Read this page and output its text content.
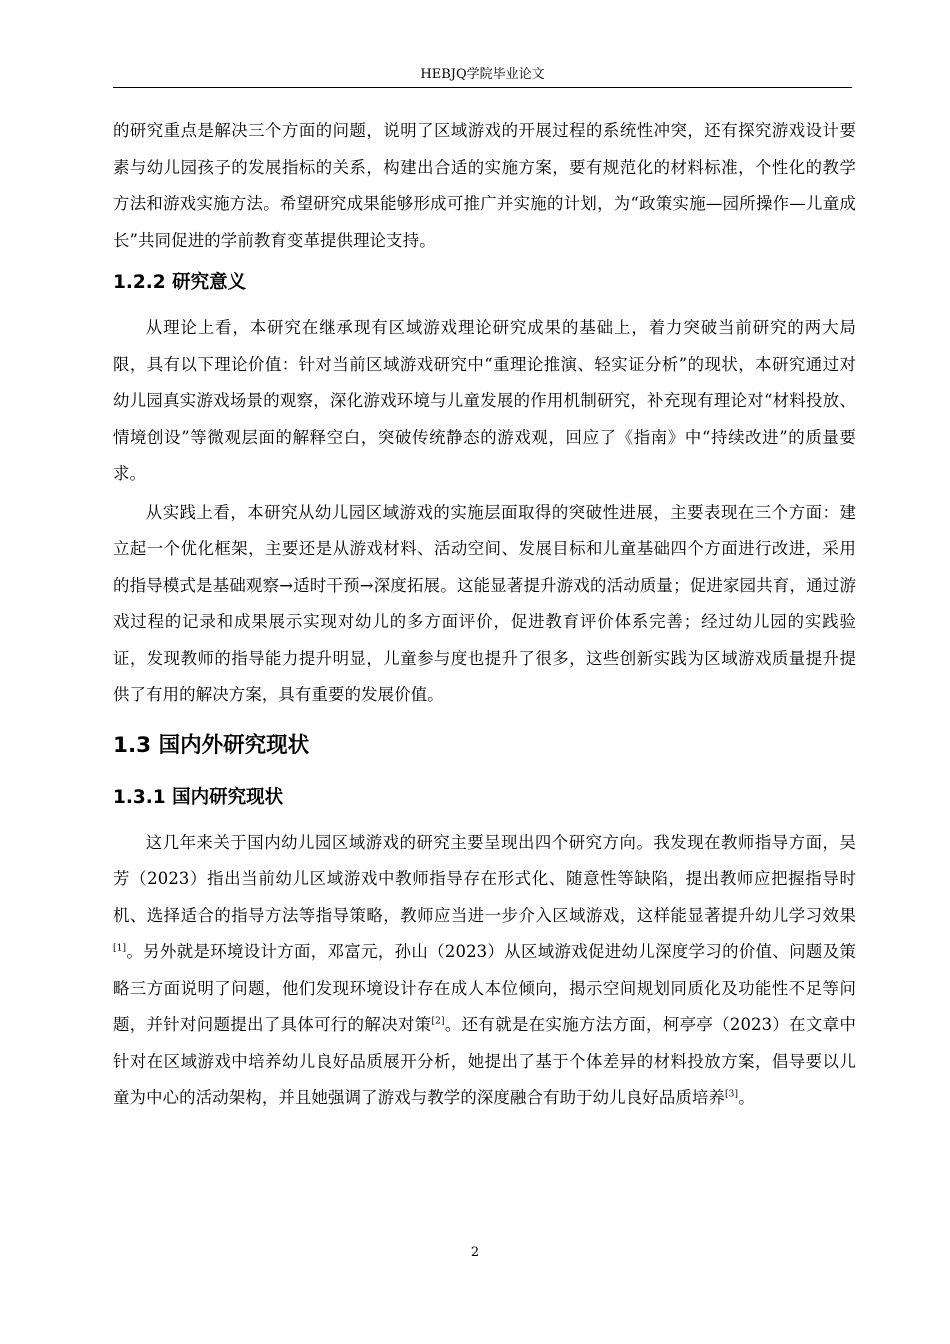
HEBJQ学院毕业论文

的研究重点是解决三个方面的问题，说明了区域游戏的开展过程的系统性冲突，还有探究游戏设计要素与幼儿园孩子的发展指标的关系，构建出合适的实施方案，要有规范化的材料标准，个性化的教学方法和游戏实施方法。希望研究成果能够形成可推广并实施的计划，为“政策实施—园所操作—儿童成长”共同促进的学前教育变革提供理论支持。

1.2.2 研究意义

从理论上看，本研究在继承现有区域游戏理论研究成果的基础上，着力突破当前研究的两大局限，具有以下理论价值：针对当前区域游戏研究中“重理论推演、轻实证分析”的现状，本研究通过对幼儿园真实游戏场景的观察，深化游戏环境与儿童发展的作用机制研究，补充现有理论对“材料投放、情境创设”等微观层面的解释空白，突破传统静态的游戏观，回应了《指南》中“持续改进”的质量要求。

从实践上看，本研究从幼儿园区域游戏的实施层面取得的突破性进展，主要表现在三个方面：建立起一个优化框架，主要还是从游戏材料、活动空间、发展目标和儿童基础四个方面进行改进，采用的指导模式是基础观察→适时干预→深度拓展。这能显著提升游戏的活动质量；促进家园共育，通过游戏过程的记录和成果展示实现对幼儿的多方面评价，促进教育评价体系完善；经过幼儿园的实践验证，发现教师的指导能力提升明显，儿童参与度也提升了很多，这些创新实践为区域游戏质量提升提供了有用的解决方案，具有重要的发展价值。

1.3 国内外研究现状
1.3.1 国内研究现状

这几年来关于国内幼儿园区域游戏的研究主要呈现出四个研究方向。我发现在教师指导方面，吴芳（2023）指出当前幼儿区域游戏中教师指导存在形式化、随意性等缺陷，提出教师应把握指导时机、选择适合的指导方法等指导策略，教师应当进一步介入区域游戏，这样能显著提升幼儿学习效果[1]。另外就是环境设计方面，邓富元，孙山（2023）从区域游戏促进幼儿深度学习的价值、问题及策略三方面说明了问题，他们发现环境设计存在成人本位倾向，揭示空间规划同质化及功能性不足等问题，并针对问题提出了具体可行的解决对策[2]。还有就是在实施方法方面，柯亭亭（2023）在文章中针对在区域游戏中培养幼儿良好品质展开分析，她提出了基于个体差异的材料投放方案，倡导要以儿童为中心的活动架构，并且她强调了游戏与教学的深度融合有助于幼儿良好品质培养[3]。

2
